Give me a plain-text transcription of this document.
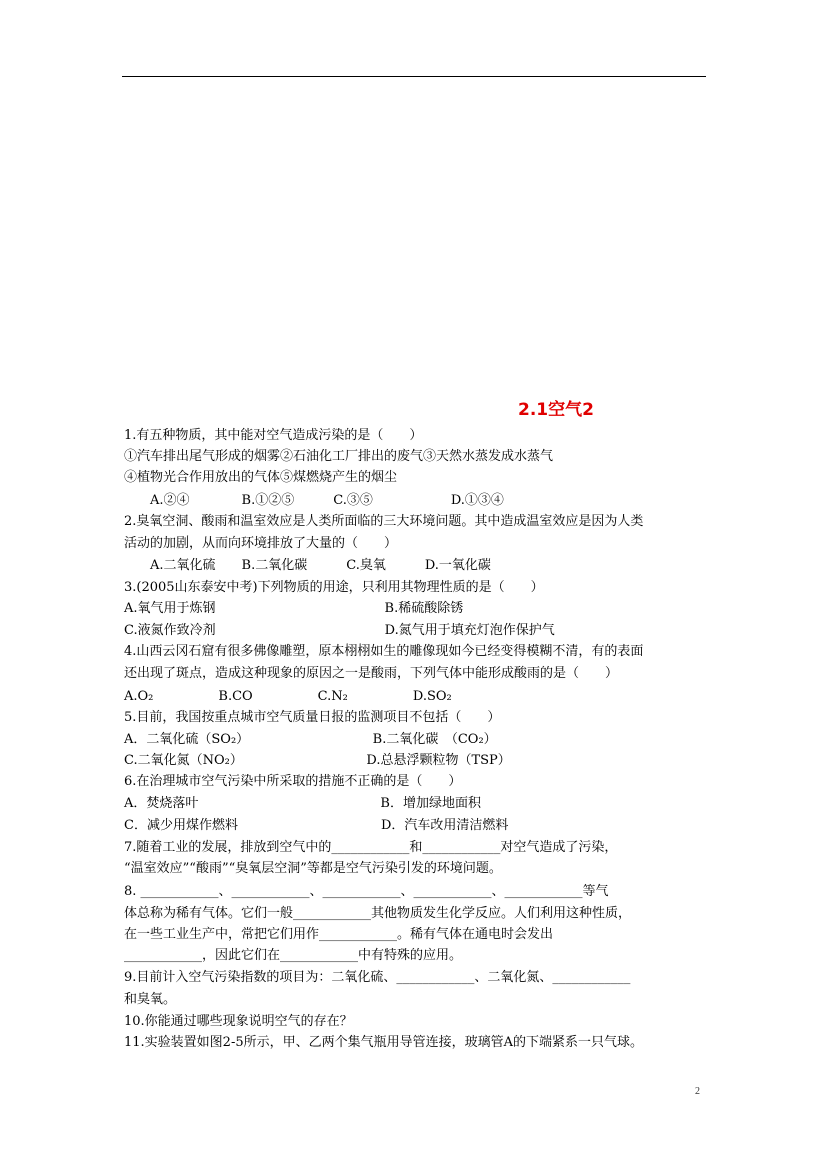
2.1空气2
1.有五种物质，其中能对空气造成污染的是（　　）
①汽车排出尾气形成的烟雾②石油化工厂排出的废气③天然水蒸发成水蒸气
④植物光合作用放出的气体⑤煤燃烧产生的烟尘
　　A.②④　　　　B.①②⑤　　　C.③⑤　　　　　　D.①③④
2.臭氧空洞、酸雨和温室效应是人类所面临的三大环境问题。其中造成温室效应是因为人类
活动的加剧，从而向环境排放了大量的（　　）
　　A.二氧化硫　　B.二氧化碳　　　C.臭氧　　　D.一氧化碳
3.(2005山东泰安中考)下列物质的用途，只利用其物理性质的是（　　）
A.氧气用于炼钢　　　　　　　　　　　　　B.稀硫酸除锈
C.液氮作致冷剂　　　　　　　　　　　　　D.氮气用于填充灯泡作保护气
4.山西云冈石窟有很多佛像雕塑，原本栩栩如生的雕像现如今已经变得模糊不清，有的表面
还出现了斑点，造成这种现象的原因之一是酸雨，下列气体中能形成酸雨的是（　　）
A.O₂　　　　　B.CO　　　　　C.N₂　　　　　D.SO₂
5.目前，我国按重点城市空气质量日报的监测项目不包括（　　）
A．二氧化硫（SO₂）　　　　　　　　　　B.二氧化碳　（CO₂）
C.二氧化氮（NO₂）　　　　　　　　　　D.总悬浮颗粒物（TSP）
6.在治理城市空气污染中所采取的措施不正确的是（　　）
A．焚烧落叶　　　　　　　　　　　　　　B．增加绿地面积
C．减少用煤作燃料　　　　　　　　　　　D．汽车改用清洁燃料
7.随着工业的发展，排放到空气中的____________和____________对空气造成了污染，
“温室效应”“酸雨”“臭氧层空洞”等都是空气污染引发的环境问题。
8. ____________、____________、____________、____________、____________等气
体总称为稀有气体。它们一般____________其他物质发生化学反应。人们利用这种性质，
在一些工业生产中，常把它们用作____________。稀有气体在通电时会发出
____________，因此它们在____________中有特殊的应用。
9.目前计入空气污染指数的项目为：二氧化硫、____________、二氧化氮、____________
和臭氧。
10.你能通过哪些现象说明空气的存在？
11.实验装置如图2-5所示，甲、乙两个集气瓶用导管连接，玻璃管A的下端紧系一只气球。
2
